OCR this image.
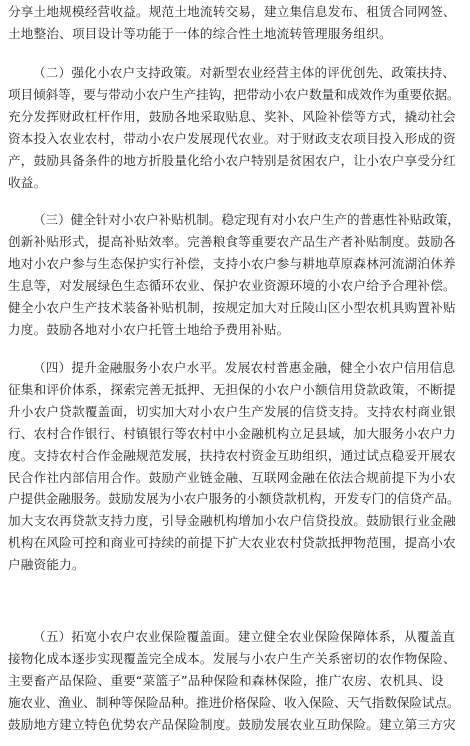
分享土地规模经营收益。规范土地流转交易，建立集信息发布、租赁合同网签、
土地整治、项目设计等功能于一体的综合性土地流转管理服务组织。
（二）强化小农户支持政策。对新型农业经营主体的评优创先、政策扶持、
项目倾斜等，要与带动小农户生产挂钩，把带动小农户数量和成效作为重要依据。
充分发挥财政杠杆作用，鼓励各地采取贴息、奖补、风险补偿等方式，撬动社会
资本投入农业农村，带动小农户发展现代农业。对于财政支农项目投入形成的资
产，鼓励具备条件的地方折股量化给小农户特别是贫困农户，让小农户享受分红
收益。
（三）健全针对小农户补贴机制。稳定现有对小农户生产的普惠性补贴政策，
创新补贴形式，提高补贴效率。完善粮食等重要农产品生产者补贴制度。鼓励各
地对小农户参与生态保护实行补偿，支持小农户参与耕地草原森林河流湖泊休养
生息等，对发展绿色生态循环农业、保护农业资源环境的小农户给予合理补偿。
健全小农户生产技术装备补贴机制，按规定加大对丘陵山区小型农机具购置补贴
力度。鼓励各地对小农户托管土地给予费用补贴。
（四）提升金融服务小农户水平。发展农村普惠金融，健全小农户信用信息
征集和评价体系，探索完善无抵押、无担保的小农户小额信用贷款政策，不断提
升小农户贷款覆盖面，切实加大对小农户生产发展的信贷支持。支持农村商业银
行、农村合作银行、村镇银行等农村中小金融机构立足县域，加大服务小农户力
度。支持农村合作金融规范发展，扶持农村资金互助组织，通过试点稳妥开展农
民合作社内部信用合作。鼓励产业链金融、互联网金融在依法合规前提下为小农
户提供金融服务。鼓励发展为小农户服务的小额贷款机构，开发专门的信贷产品。
加大支农再贷款支持力度，引导金融机构增加小农户信贷投放。鼓励银行业金融
机构在风险可控和商业可持续的前提下扩大农业农村贷款抵押物范围，提高小农
户融资能力。
（五）拓宽小农户农业保险覆盖面。建立健全农业保险保障体系，从覆盖直
接物化成本逐步实现覆盖完全成本。发展与小农户生产关系密切的农作物保险、
主要畜产品保险、重要“菜篮子”品种保险和森林保险，推广农房、农机具、设
施农业、渔业、制种等保险品种。推进价格保险、收入保险、天气指数保险试点。
鼓励地方建立特色优势农产品保险制度。鼓励发展农业互助保险。建立第三方灾
